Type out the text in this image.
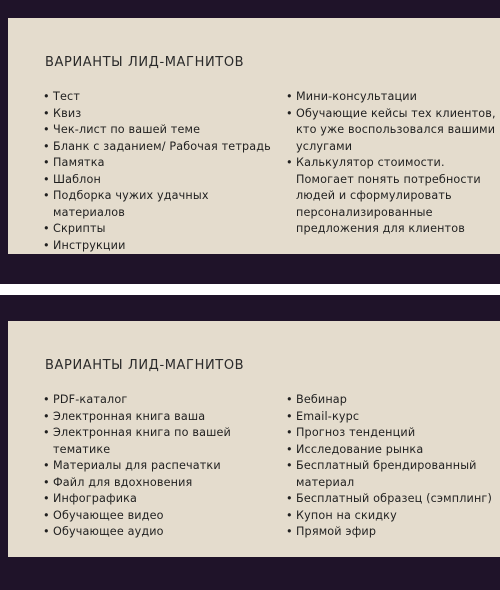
ВАРИАНТЫ ЛИД-МАГНИТОВ
• Тест
• Квиз
• Чек-лист по вашей теме
• Бланк с заданием/ Рабочая тетрадь
• Памятка
• Шаблон
• Подборка чужих удачных материалов
• Скрипты
• Инструкции
• Мини-консультации
• Обучающие кейсы тех клиентов, кто уже воспользовался вашими услугами
• Калькулятор стоимости. Помогает понять потребности людей и сформулировать персонализированные предложения для клиентов
ВАРИАНТЫ ЛИД-МАГНИТОВ
• PDF-каталог
• Электронная книга ваша
• Электронная книга по вашей тематике
• Материалы для распечатки
• Файл для вдохновения
• Инфографика
• Обучающее видео
• Обучающее аудио
• Вебинар
• Email-курс
• Прогноз тенденций
• Исследование рынка
• Бесплатный брендированный материал
• Бесплатный образец (сэмплинг)
• Купон на скидку
• Прямой эфир
